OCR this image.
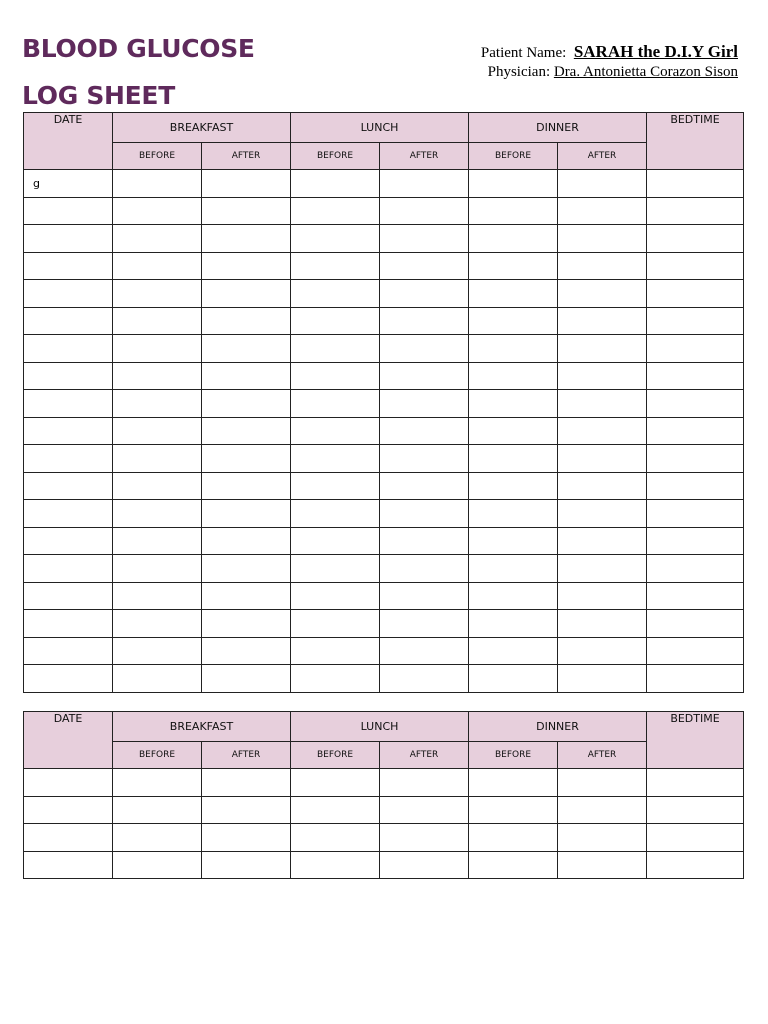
BLOOD GLUCOSE
LOG SHEET
Patient Name: SARAH the D.I.Y Girl
Physician: Dra. Antonietta Corazon Sison
DATE	BREAKFAST		LUNCH		DINNER		BEDTIME
	BEFORE	AFTER	BEFORE	AFTER	BEFORE	AFTER	
g							

DATE	BREAKFAST		LUNCH		DINNER		BEDTIME
	BEFORE	AFTER	BEFORE	AFTER	BEFORE	AFTER	
